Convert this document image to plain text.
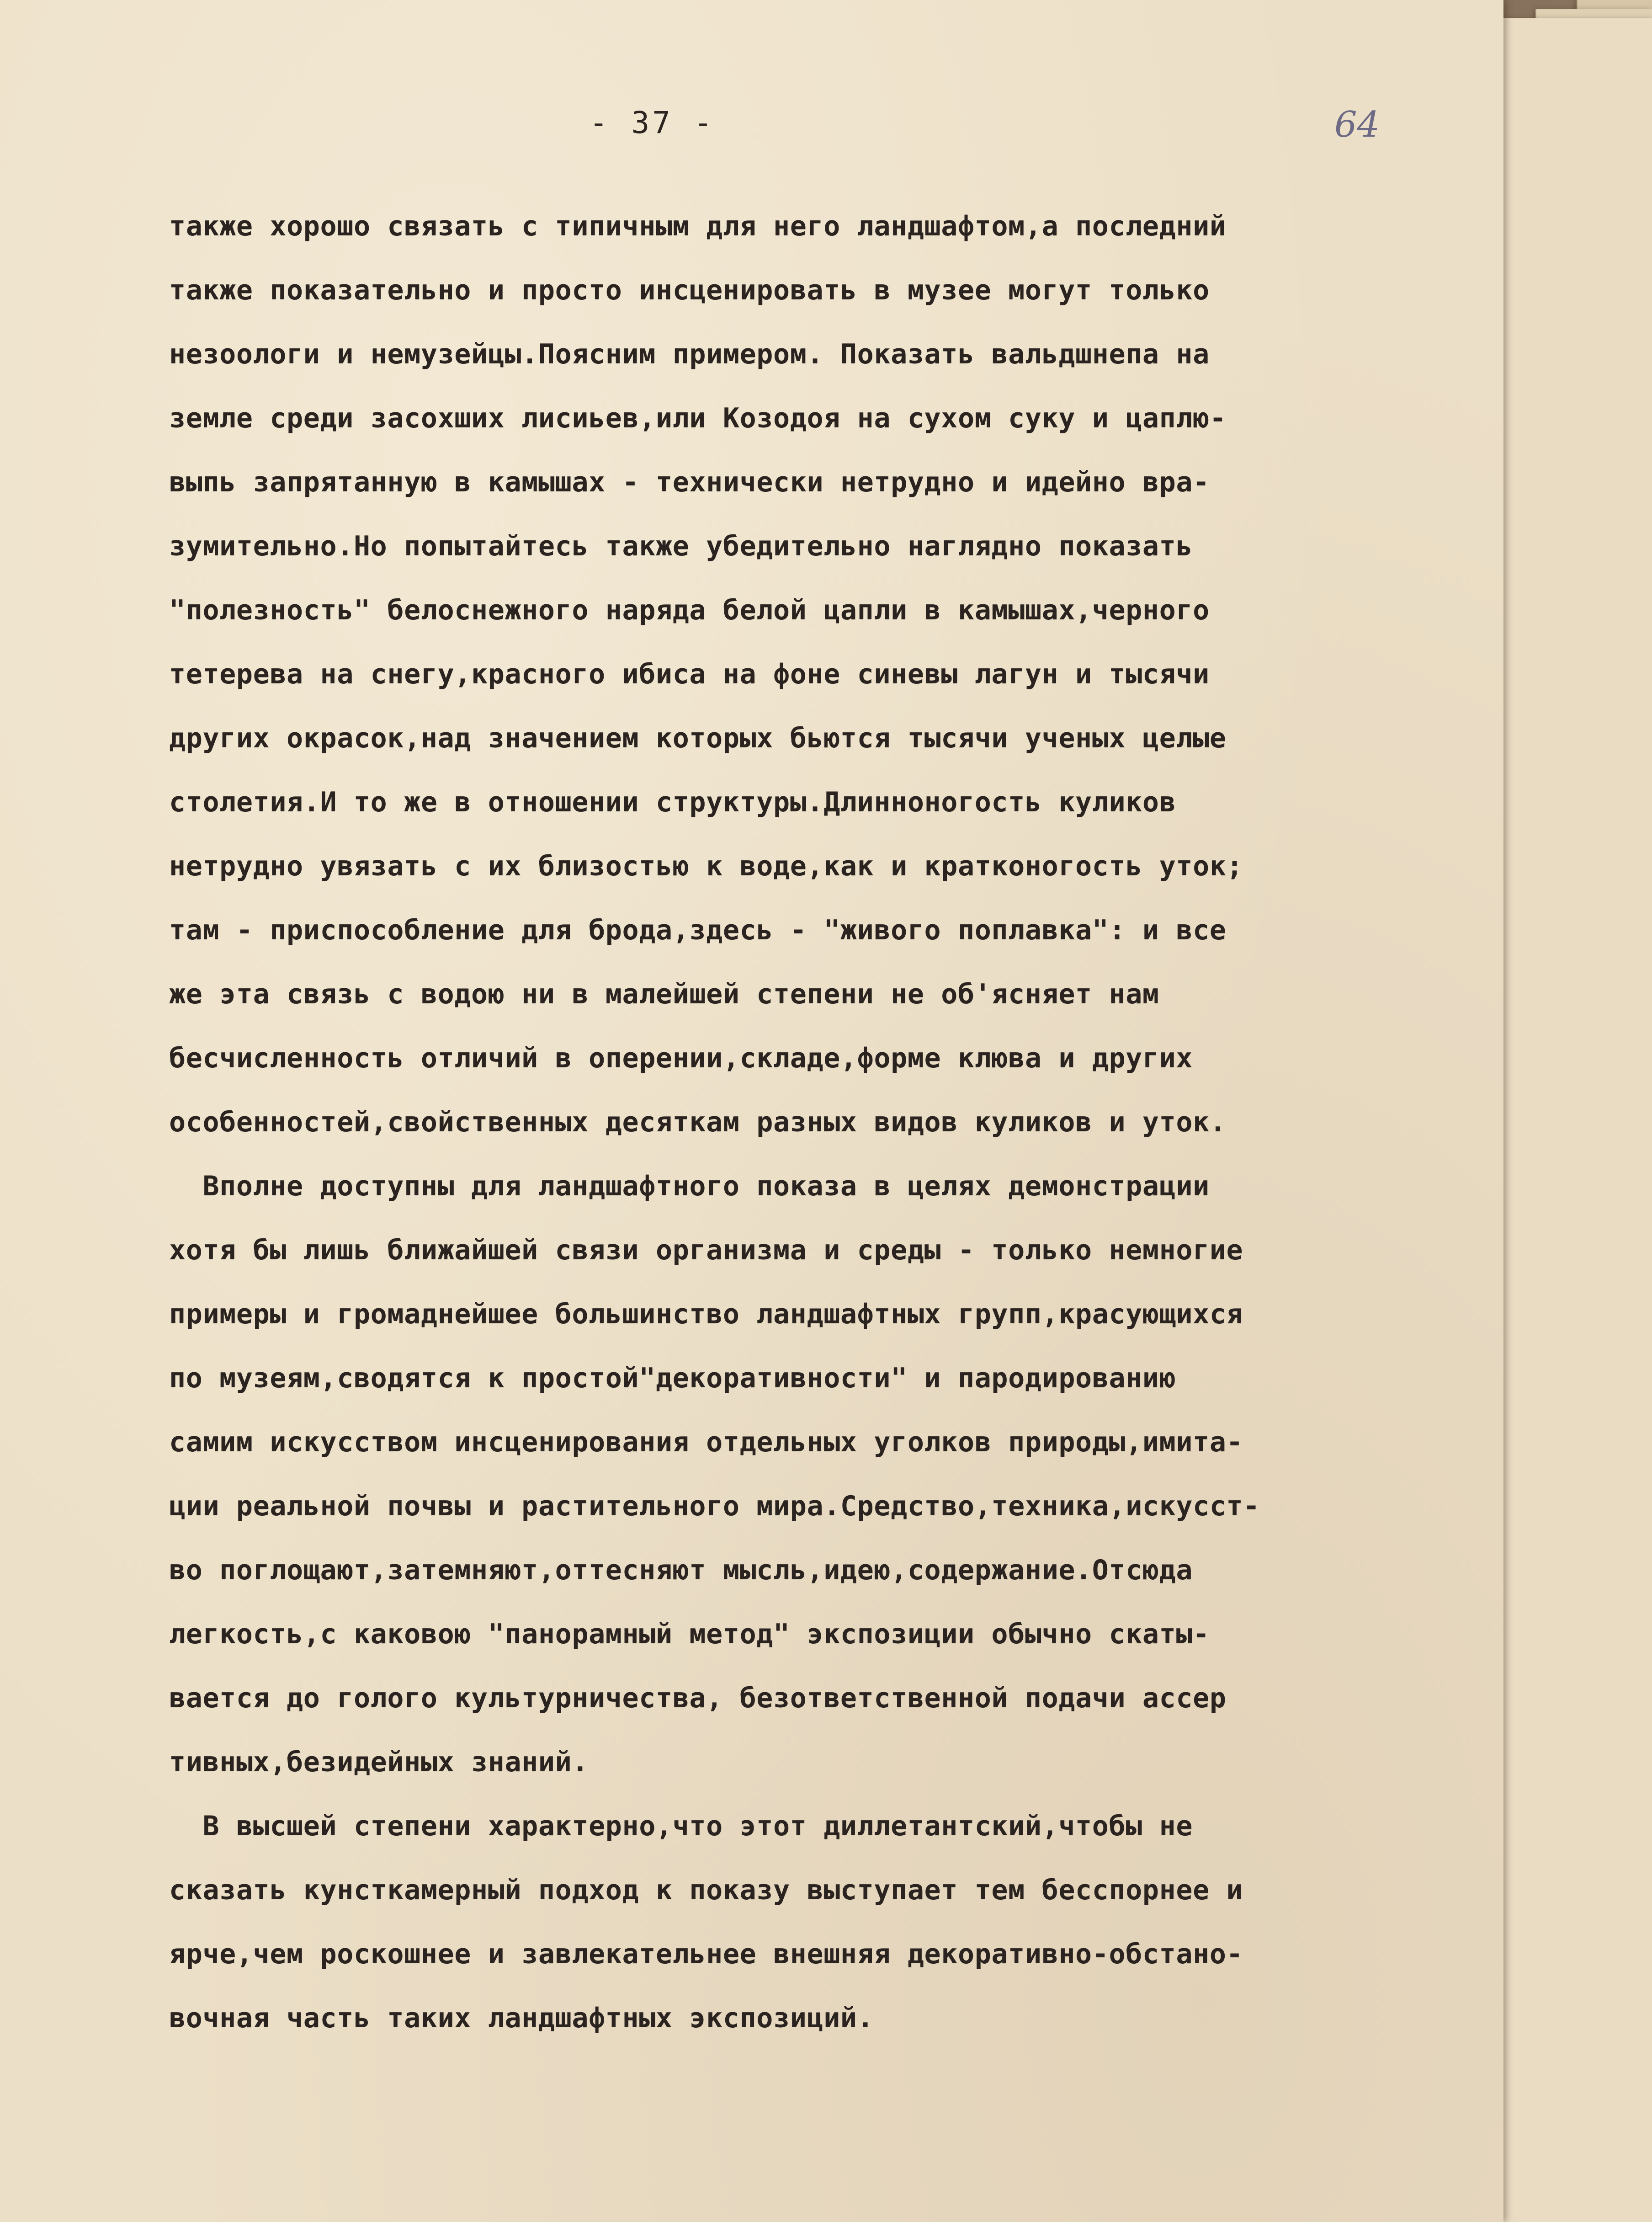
- 37 -	64
также хорошо связать с типичным для него ландшафтом,а последний
также показательно и просто инсценировать в музее могут только
незоологи и немузейцы.Поясним примером. Показать вальдшнепа на
земле среди засохших лисиьев,или Козодоя на сухом суку и цаплю-
выпь запрятанную в камышах - технически нетрудно и идейно вра-
зумительно.Но попытайтесь также убедительно наглядно показать
"полезность" белоснежного наряда белой цапли в камышах,черного
тетерева на снегу,красного ибиса на фоне синевы лагун и тысячи
других окрасок,над значением которых бьются тысячи ученых целые
столетия.И то же в отношении структуры.Длинноногость куликов
нетрудно увязать с их близостью к воде,как и кратконогость уток;
там - приспособление для брода,здесь - "живого поплавка": и все
же эта связь с водою ни в малейшей степени не об'ясняет нам
бесчисленность отличий в оперении,складе,форме клюва и других
особенностей,свойственных десяткам разных видов куликов и уток.
Вполне доступны для ландшафтного показа в целях демонстрации
хотя бы лишь ближайшей связи организма и среды - только немногие
примеры и громаднейшее большинство ландшафтных групп,красующихся
по музеям,сводятся к простой"декоративности" и пародированию
самим искусством инсценирования отдельных уголков природы,имита-
ции реальной почвы и растительного мира.Средство,техника,искусст-
во поглощают,затемняют,оттесняют мысль,идею,содержание.Отсюда
легкость,с каковою "панорамный метод" экспозиции обычно скаты-
вается до голого культурничества, безответственной подачи ассер
тивных,безидейных знаний.
В высшей степени характерно,что этот диллетантский,чтобы не
сказать кунсткамерный подход к показу выступает тем бесспорнее и
ярче,чем роскошнее и завлекательнее внешняя декоративно-обстано-
вочная часть таких ландшафтных экспозиций.
